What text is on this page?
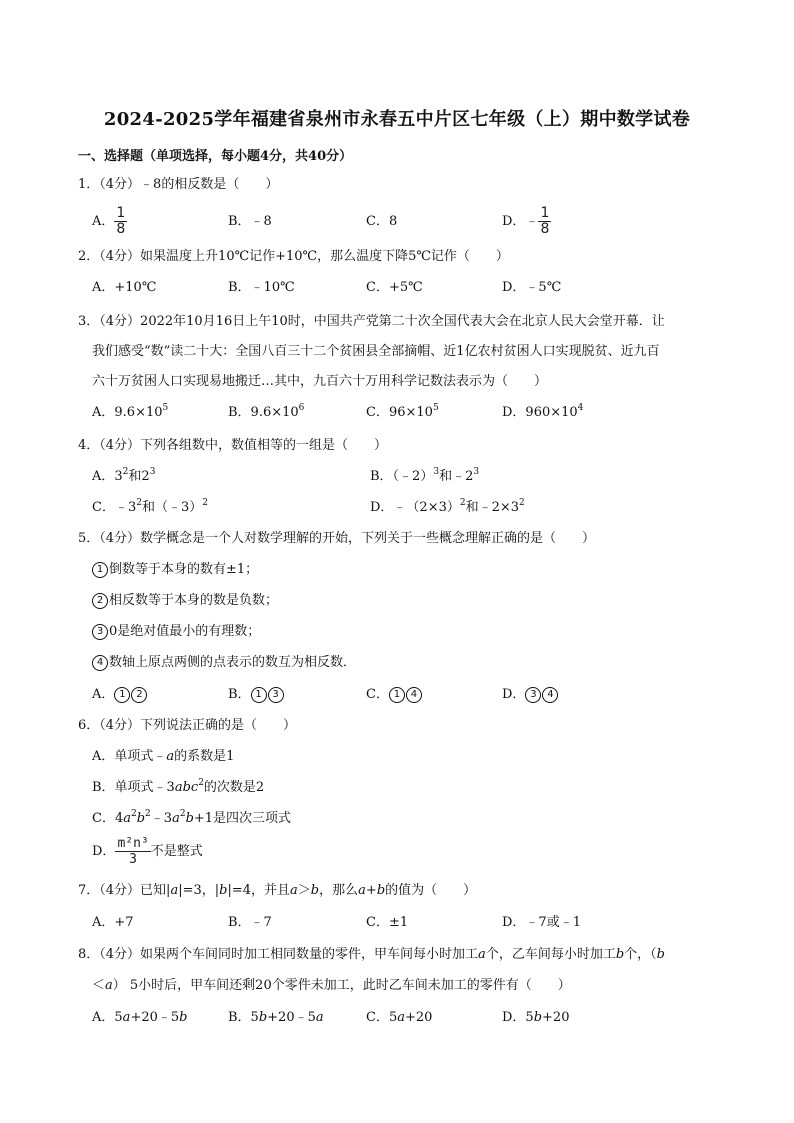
2024-2025学年福建省泉州市永春五中片区七年级（上）期中数学试卷
一、选择题（单项选择，每小题4分，共40分）
1．（4分）﹣8的相反数是（　　）
A． $\frac{1}{8}$	B．﹣8	C．8	D．﹣ $\frac{1}{8}$
2．（4分）如果温度上升10℃记作+10℃，那么温度下降5℃记作（　　）
A．+10℃	B．﹣10℃	C．+5℃	D．﹣5℃
3．（4分）2022年10月16日上午10时，中国共产党第二十次全国代表大会在北京人民大会堂开幕．让
我们感受“数”读二十大：全国八百三十二个贫困县全部摘帽、近1亿农村贫困人口实现脱贫、近九百
六十万贫困人口实现易地搬迁…其中，九百六十万用科学记数法表示为（　　）
A．$9.6\times 10^5$	B．$9.6\times 10^6$	C．$96\times 10^5$	D．$960\times 10^4$
4．（4分）下列各组数中，数值相等的一组是（　　）
A．$3^2$和$2^3$	B．（﹣2）$^3$和$﹣2^3$
C．$﹣3^2$和（﹣3）$^2$	D．$﹣(2\times 3)^2$和$﹣2\times 3^2$
5．（4分）数学概念是一个人对数学理解的开始，下列关于一些概念理解正确的是（　　）
1 倒数等于本身的数有±1；
2 相反数等于本身的数是负数；
3 0是绝对值最小的有理数；
4 数轴上原点两侧的点表示的数互为相反数．
A． 1 2	B． 1 3	C． 1 4	D． 3 4
6．（4分）下列说法正确的是（　　）
A．单项式﹣a的系数是1
B．单项式﹣3abc$^2$的次数是2
C．$4a^2b^2﹣3a^2b+1$是四次三项式
D． $\frac{\text{m²n³}}{3}$ 不是整式
7．（4分）已知|a|=3，|b|=4，并且a＞b，那么a+b的值为（　　）
A．+7	B．﹣7	C．±1	D．﹣7或﹣1
8．（4分）如果两个车间同时加工相同数量的零件，甲车间每小时加工a个，乙车间每小时加工b个，（b
＜a） 5小时后，甲车间还剩20个零件未加工，此时乙车间未加工的零件有（　　）
A．5a+20﹣5b	B．5b+20﹣5a	C．5a+20	D．5b+20
